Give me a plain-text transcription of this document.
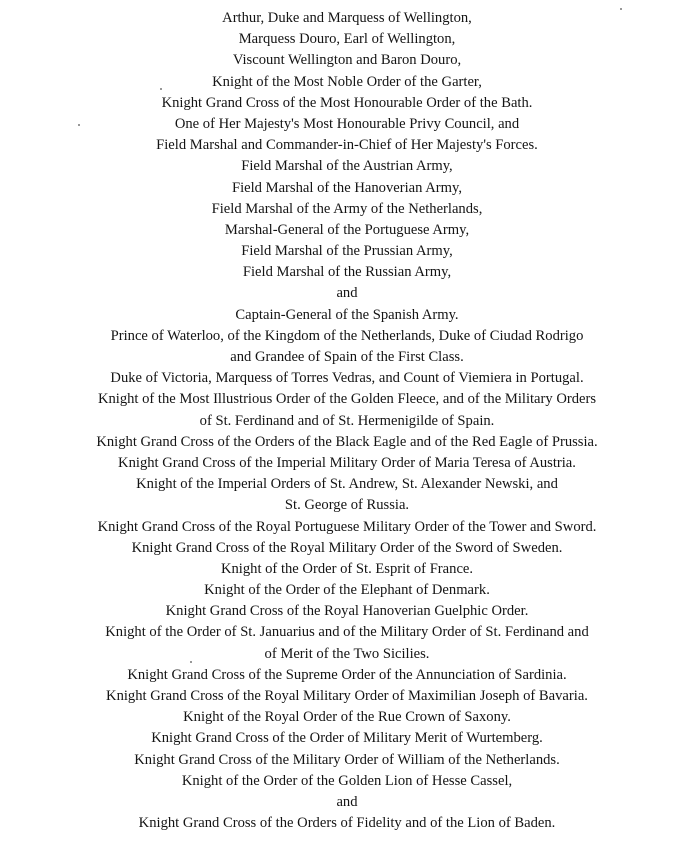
Arthur, Duke and Marquess of Wellington,
Marquess Douro, Earl of Wellington,
Viscount Wellington and Baron Douro,
Knight of the Most Noble Order of the Garter,
Knight Grand Cross of the Most Honourable Order of the Bath.
One of Her Majesty's Most Honourable Privy Council, and
Field Marshal and Commander-in-Chief of Her Majesty's Forces.
Field Marshal of the Austrian Army,
Field Marshal of the Hanoverian Army,
Field Marshal of the Army of the Netherlands,
Marshal-General of the Portuguese Army,
Field Marshal of the Prussian Army,
Field Marshal of the Russian Army,
and
Captain-General of the Spanish Army.
Prince of Waterloo, of the Kingdom of the Netherlands, Duke of Ciudad Rodrigo
and Grandee of Spain of the First Class.
Duke of Victoria, Marquess of Torres Vedras, and Count of Viemiera in Portugal.
Knight of the Most Illustrious Order of the Golden Fleece, and of the Military Orders
of St. Ferdinand and of St. Hermenigilde of Spain.
Knight Grand Cross of the Orders of the Black Eagle and of the Red Eagle of Prussia.
Knight Grand Cross of the Imperial Military Order of Maria Teresa of Austria.
Knight of the Imperial Orders of St. Andrew, St. Alexander Newski, and
St. George of Russia.
Knight Grand Cross of the Royal Portuguese Military Order of the Tower and Sword.
Knight Grand Cross of the Royal Military Order of the Sword of Sweden.
Knight of the Order of St. Esprit of France.
Knight of the Order of the Elephant of Denmark.
Knight Grand Cross of the Royal Hanoverian Guelphic Order.
Knight of the Order of St. Januarius and of the Military Order of St. Ferdinand and
of Merit of the Two Sicilies.
Knight Grand Cross of the Supreme Order of the Annunciation of Sardinia.
Knight Grand Cross of the Royal Military Order of Maximilian Joseph of Bavaria.
Knight of the Royal Order of the Rue Crown of Saxony.
Knight Grand Cross of the Order of Military Merit of Wurtemberg.
Knight Grand Cross of the Military Order of William of the Netherlands.
Knight of the Order of the Golden Lion of Hesse Cassel,
and
Knight Grand Cross of the Orders of Fidelity and of the Lion of Baden.
